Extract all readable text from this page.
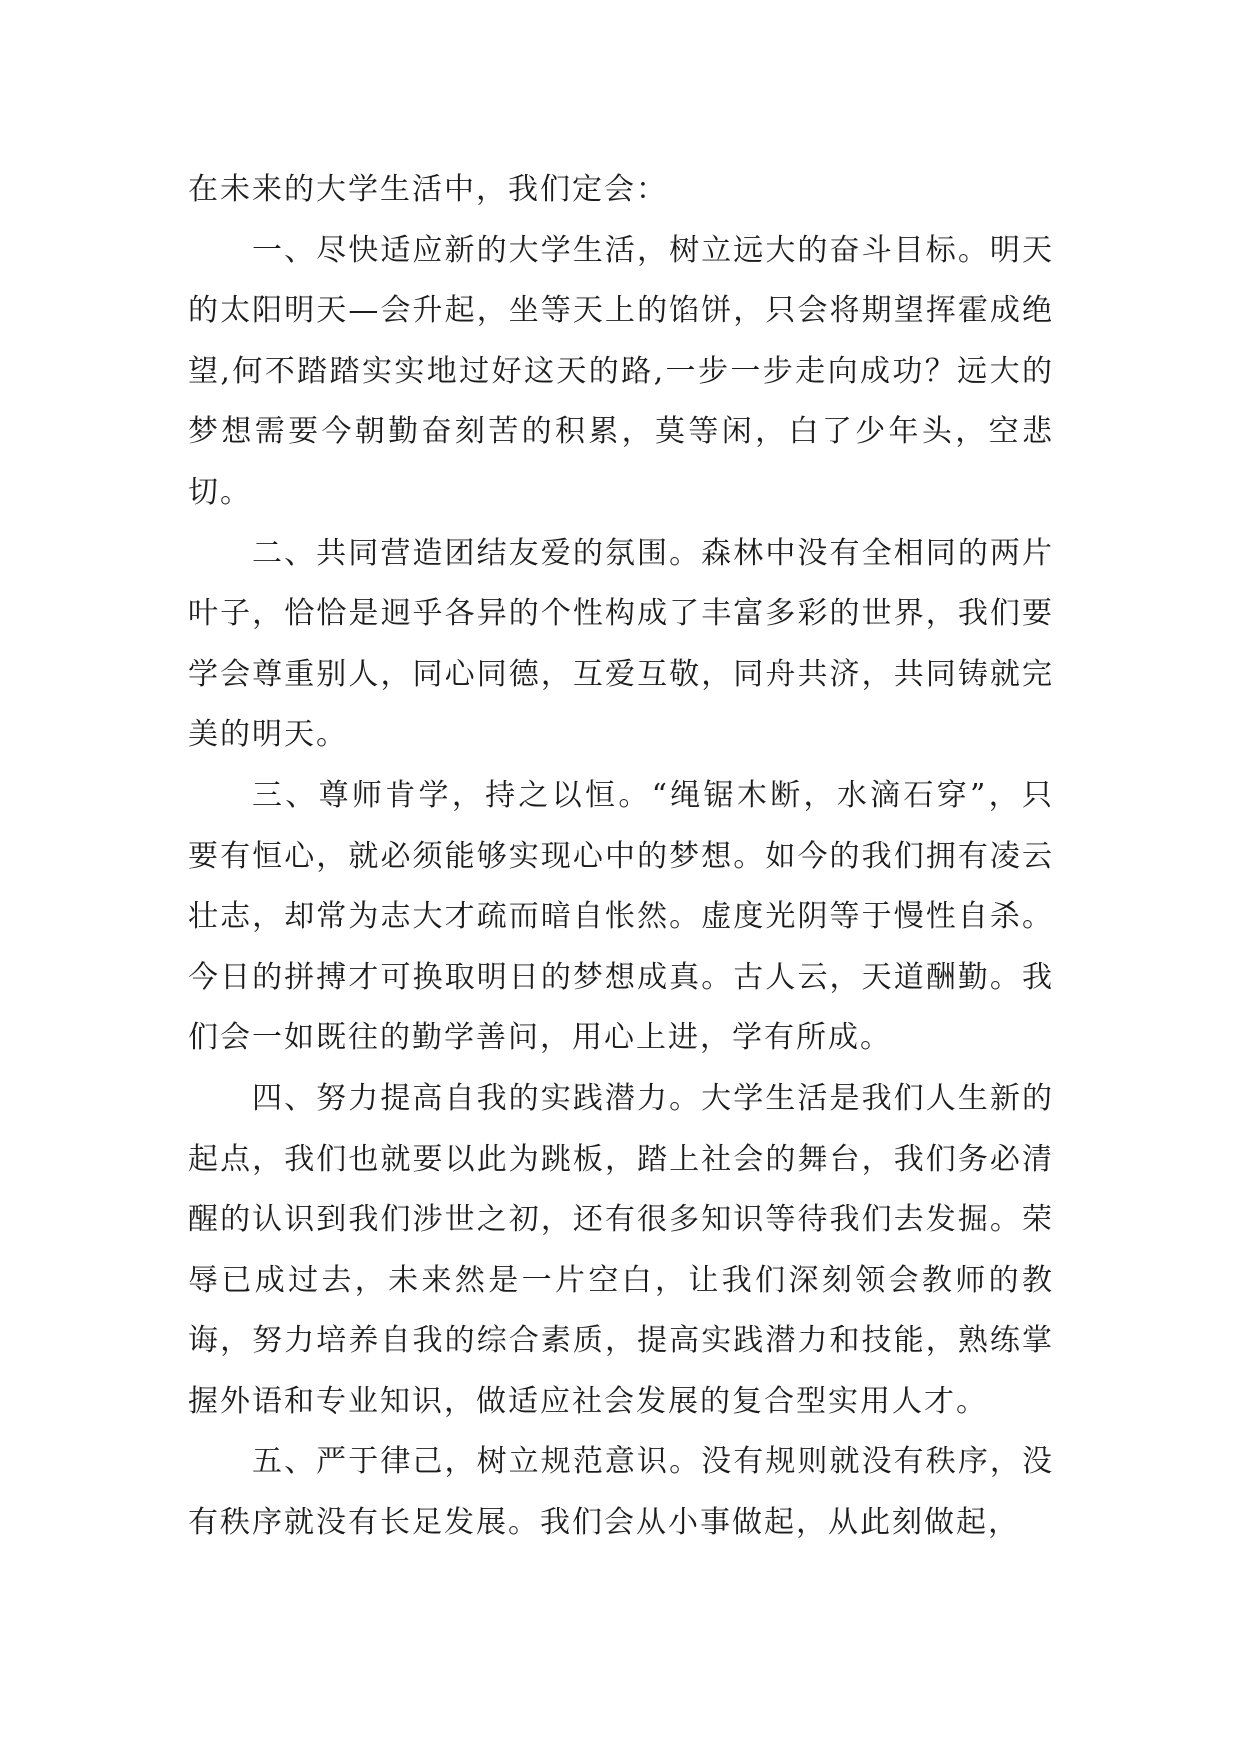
在未来的大学生活中，我们定会：

一、尽快适应新的大学生活，树立远大的奋斗目标。明天的太阳明天—会升起，坐等天上的馅饼，只会将期望挥霍成绝望,何不踏踏实实地过好这天的路,一步一步走向成功？远大的梦想需要今朝勤奋刻苦的积累，莫等闲，白了少年头，空悲切。

二、共同营造团结友爱的氛围。森林中没有全相同的两片叶子，恰恰是迥乎各异的个性构成了丰富多彩的世界，我们要学会尊重别人，同心同德，互爱互敬，同舟共济，共同铸就完美的明天。

三、尊师肯学，持之以恒。“绳锯木断，水滴石穿”，只要有恒心，就必须能够实现心中的梦想。如今的我们拥有凌云壮志，却常为志大才疏而暗自怅然。虚度光阴等于慢性自杀。今日的拼搏才可换取明日的梦想成真。古人云，天道酬勤。我们会一如既往的勤学善问，用心上进，学有所成。

四、努力提高自我的实践潜力。大学生活是我们人生新的起点，我们也就要以此为跳板，踏上社会的舞台，我们务必清醒的认识到我们涉世之初，还有很多知识等待我们去发掘。荣辱已成过去，未来然是一片空白，让我们深刻领会教师的教诲，努力培养自我的综合素质，提高实践潜力和技能，熟练掌握外语和专业知识，做适应社会发展的复合型实用人才。

五、严于律己，树立规范意识。没有规则就没有秩序，没有秩序就没有长足发展。我们会从小事做起，从此刻做起，
